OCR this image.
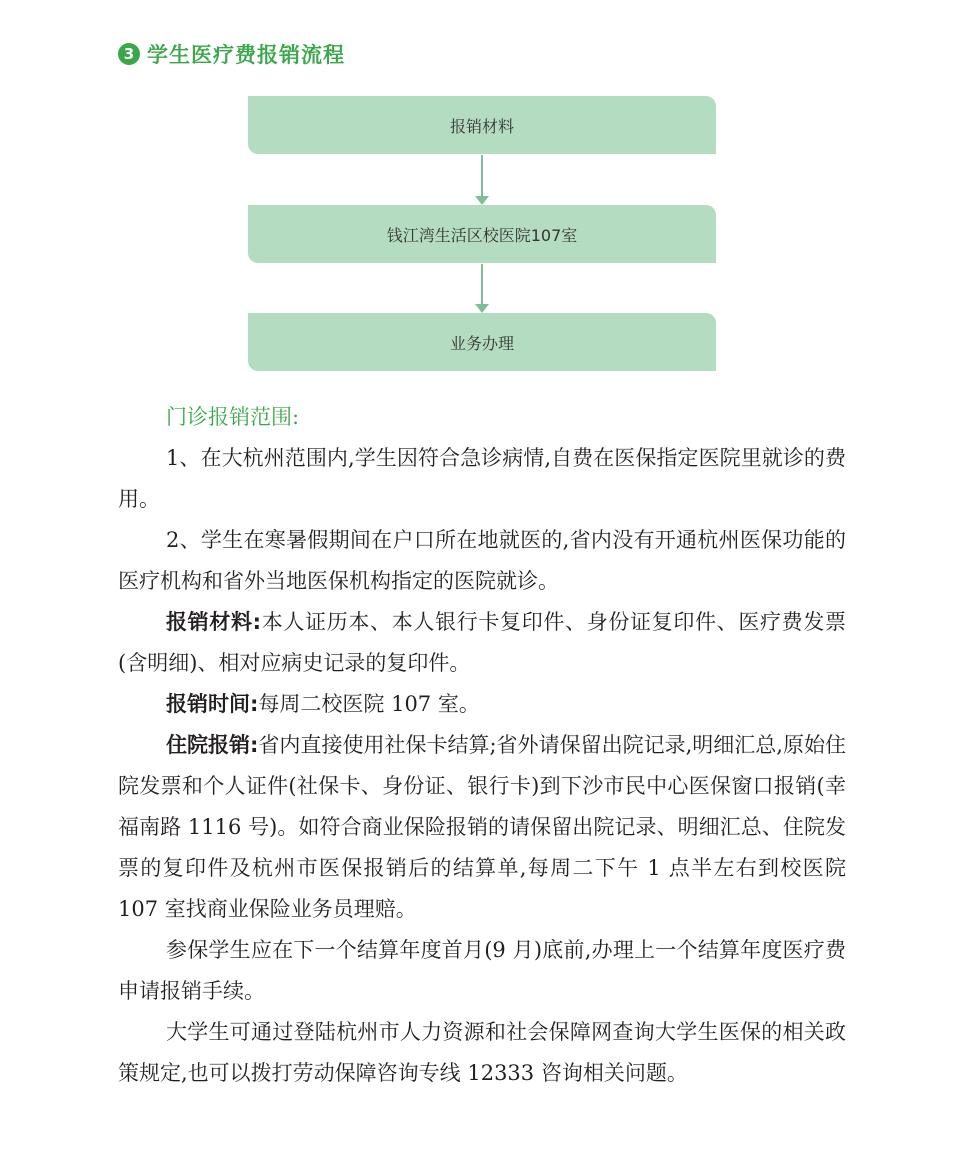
3 学生医疗费报销流程
报销材料
钱江湾生活区校医院107室
业务办理

门诊报销范围:

1、在大杭州范围内,学生因符合急诊病情,自费在医保指定医院里就诊的费用。

2、学生在寒暑假期间在户口所在地就医的,省内没有开通杭州医保功能的医疗机构和省外当地医保机构指定的医院就诊。

报销材料:本人证历本、本人银行卡复印件、身份证复印件、医疗费发票(含明细)、相对应病史记录的复印件。

报销时间:每周二校医院 107 室。

住院报销:省内直接使用社保卡结算;省外请保留出院记录,明细汇总,原始住院发票和个人证件(社保卡、身份证、银行卡)到下沙市民中心医保窗口报销(幸福南路 1116 号)。如符合商业保险报销的请保留出院记录、明细汇总、住院发票的复印件及杭州市医保报销后的结算单,每周二下午 1 点半左右到校医院 107 室找商业保险业务员理赔。

参保学生应在下一个结算年度首月(9 月)底前,办理上一个结算年度医疗费申请报销手续。

大学生可通过登陆杭州市人力资源和社会保障网查询大学生医保的相关政策规定,也可以拨打劳动保障咨询专线 12333 咨询相关问题。
